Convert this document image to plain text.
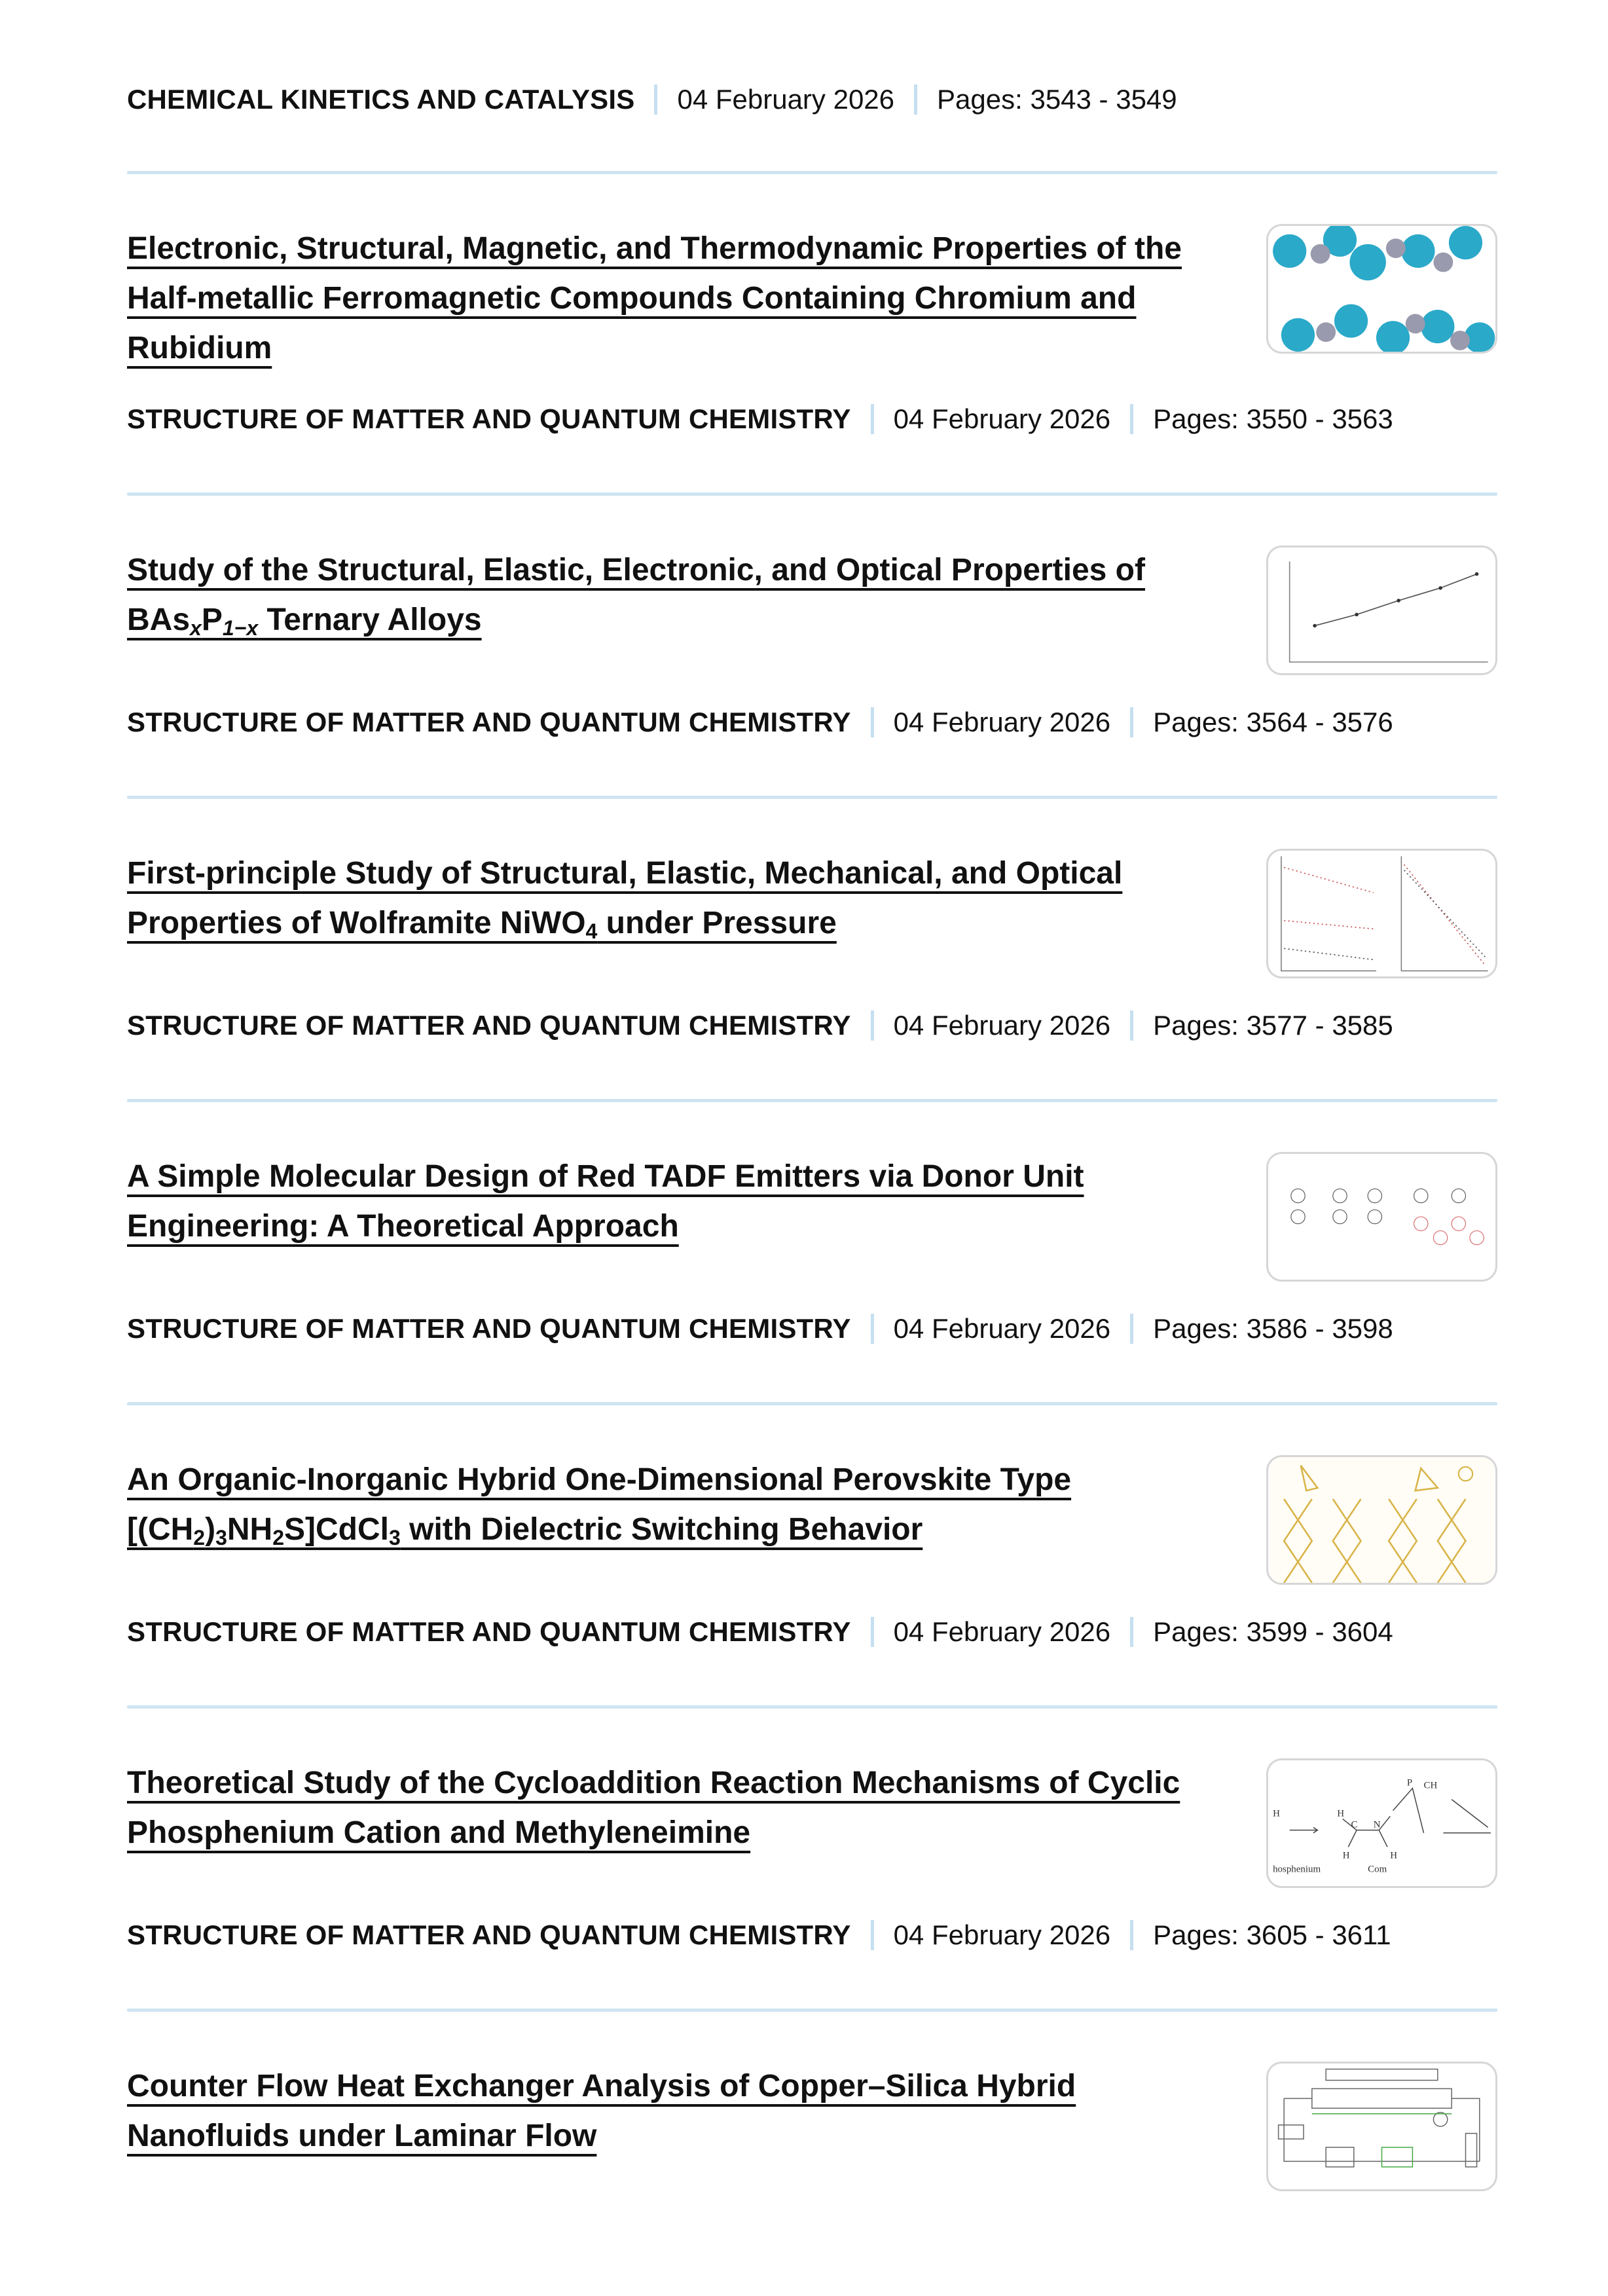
CHEMICAL KINETICS AND CATALYSIS 04 February 2026 Pages: 3543 - 3549
Electronic, Structural, Magnetic, and Thermodynamic Properties of the Half-metallic Ferromagnetic Compounds Containing Chromium and Rubidium
STRUCTURE OF MATTER AND QUANTUM CHEMISTRY 04 February 2026 Pages: 3550 - 3563
Study of the Structural, Elastic, Electronic, and Optical Properties of $BAs_xP_{1-x}$ Ternary Alloys
STRUCTURE OF MATTER AND QUANTUM CHEMISTRY 04 February 2026 Pages: 3564 - 3576
First-principle Study of Structural, Elastic, Mechanical, and Optical Properties of Wolframite NiWO$_4$ under Pressure
STRUCTURE OF MATTER AND QUANTUM CHEMISTRY 04 February 2026 Pages: 3577 - 3585
A Simple Molecular Design of Red TADF Emitters via Donor Unit Engineering: A Theoretical Approach
STRUCTURE OF MATTER AND QUANTUM CHEMISTRY 04 February 2026 Pages: 3586 - 3598
An Organic-Inorganic Hybrid One-Dimensional Perovskite Type $[(CH_2)_3NH_2S]CdCl_3$ with Dielectric Switching Behavior
STRUCTURE OF MATTER AND QUANTUM CHEMISTRY 04 February 2026 Pages: 3599 - 3604
Theoretical Study of the Cycloaddition Reaction Mechanisms of Cyclic Phosphenium Cation and Methyleneimine
H	H
C	N
H	H
P CH
hosphenium	Com
STRUCTURE OF MATTER AND QUANTUM CHEMISTRY 04 February 2026 Pages: 3605 - 3611
Counter Flow Heat Exchanger Analysis of Copper–Silica Hybrid Nanofluids under Laminar Flow
